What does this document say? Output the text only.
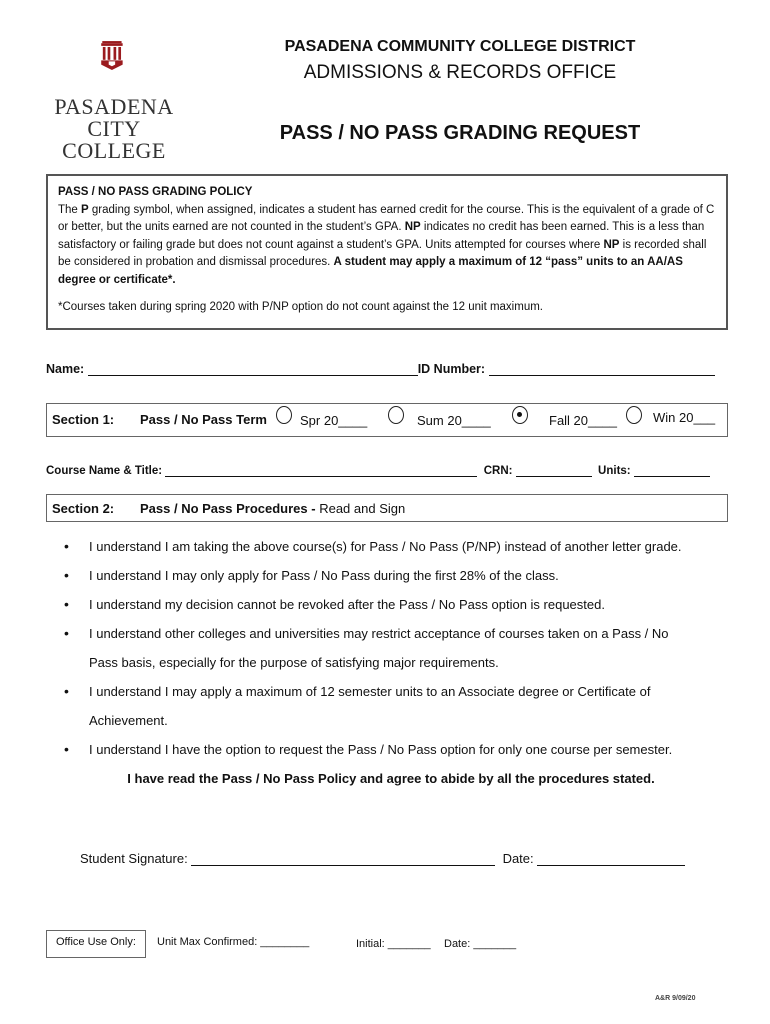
PASADENA
CITY COLLEGE
PASADENA COMMUNITY COLLEGE DISTRICT
ADMISSIONS & RECORDS OFFICE
PASS / NO PASS GRADING REQUEST

PASS / NO PASS GRADING POLICY

The P grading symbol, when assigned, indicates a student has earned credit for the course. This is the equivalent of a grade of C or better, but the units earned are not counted in the student’s GPA. NP indicates no credit has been earned. This is a less than satisfactory or failing grade but does not count against a student’s GPA. Units attempted for courses where NP is recorded shall be considered in probation and dismissal procedures. A student may apply a maximum of 12 “pass” units to an AA/AS degree or certificate*.

*Courses taken during spring 2020 with P/NP option do not count against the 12 unit maximum.

Name:	ID Number:
Section 1: Pass / No Pass Term	Spr 20____	Sum 20____	Fall 20____	Win 20___
Course Name & Title:	CRN:	Units:
Section 2: Pass / No Pass Procedures - Read and Sign
• I understand I am taking the above course(s) for Pass / No Pass (P/NP) instead of another letter grade.
• I understand I may only apply for Pass / No Pass during the first 28% of the class.
• I understand my decision cannot be revoked after the Pass / No Pass option is requested.
• I understand other colleges and universities may restrict acceptance of courses taken on a Pass / No
Pass basis, especially for the purpose of satisfying major requirements.
• I understand I may apply a maximum of 12 semester units to an Associate degree or Certificate of
Achievement.
• I understand I have the option to request the Pass / No Pass option for only one course per semester.
I have read the Pass / No Pass Policy and agree to abide by all the procedures stated.
Student Signature:	Date:
Office Use Only: Unit Max Confirmed: ________	Initial: _______ Date: _______
A&R 9/09/20
